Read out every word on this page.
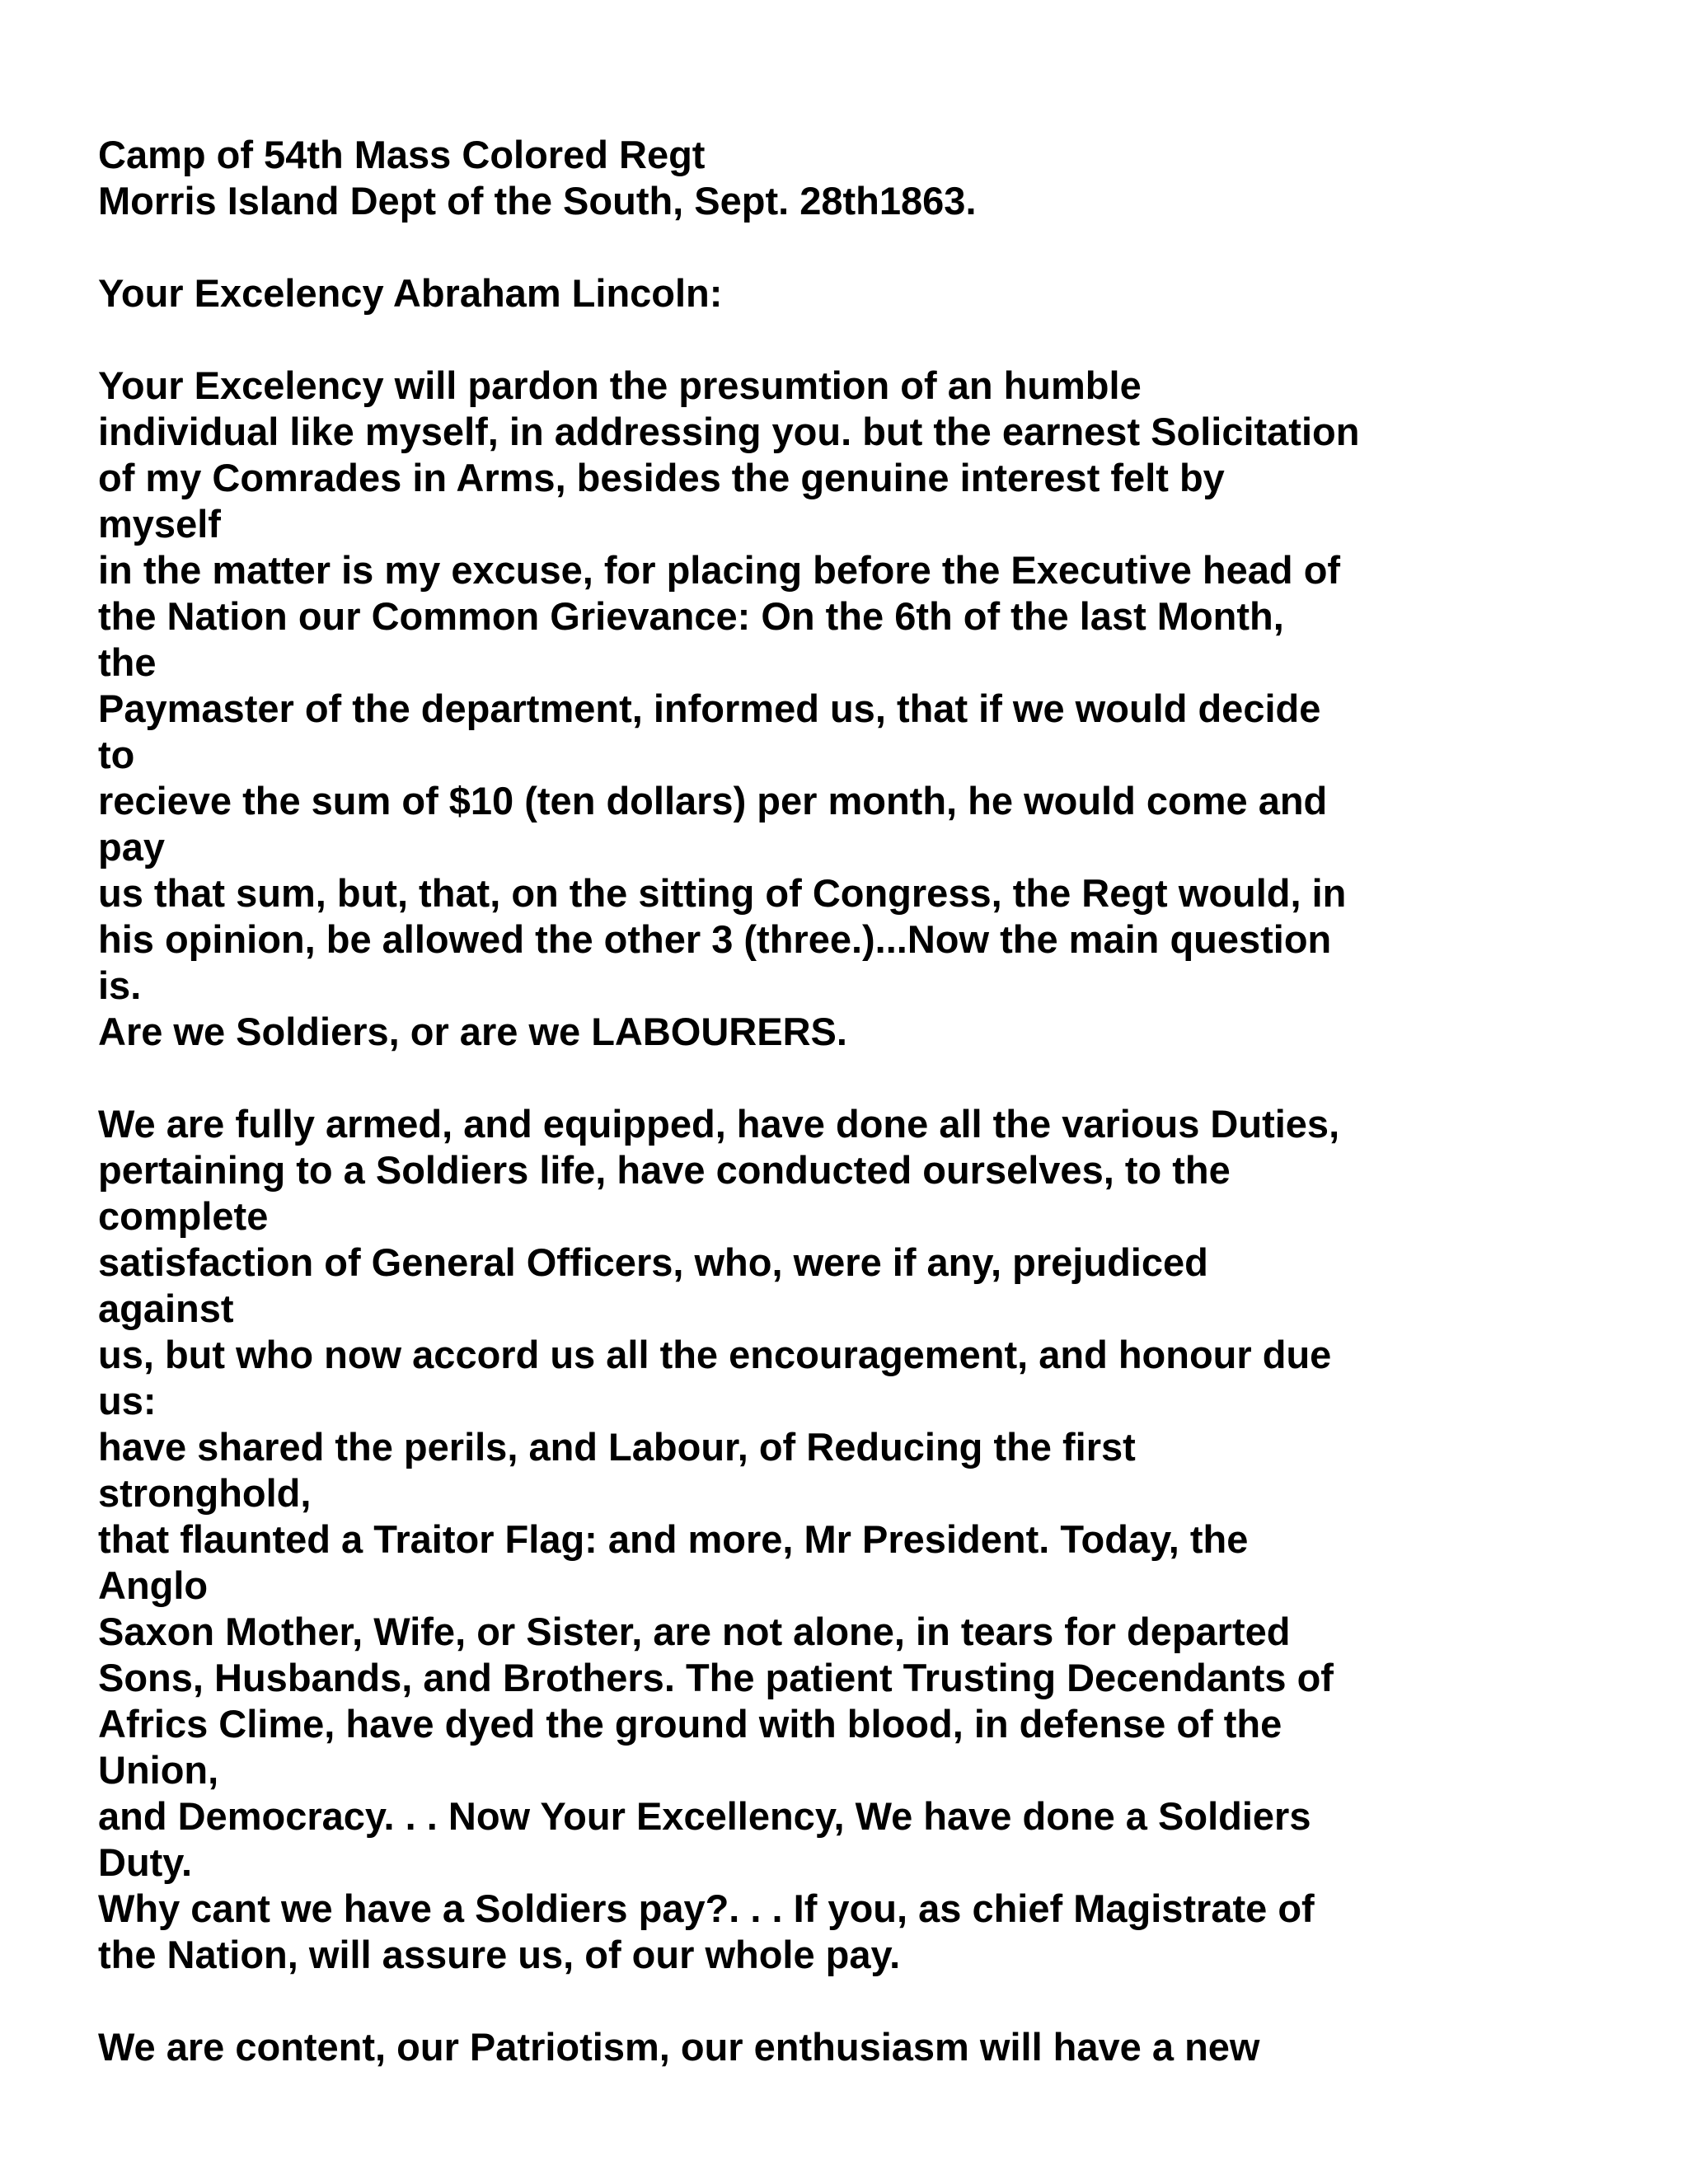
Camp of 54th Mass Colored Regt
Morris Island Dept of the South, Sept. 28th1863.
Your Excelency Abraham Lincoln:
Your Excelency will pardon the presumtion of an humble
individual like myself, in addressing you. but the earnest Solicitation
of my Comrades in Arms, besides the genuine interest felt by
myself
in the matter is my excuse, for placing before the Executive head of
the Nation our Common Grievance: On the 6th of the last Month,
the
Paymaster of the department, informed us, that if we would decide
to
recieve the sum of $10 (ten dollars) per month, he would come and
pay
us that sum, but, that, on the sitting of Congress, the Regt would, in
his opinion, be allowed the other 3 (three.)...Now the main question
is.
Are we Soldiers, or are we LABOURERS.
We are fully armed, and equipped, have done all the various Duties,
pertaining to a Soldiers life, have conducted ourselves, to the
complete
satisfaction of General Officers, who, were if any, prejudiced
against
us, but who now accord us all the encouragement, and honour due
us:
have shared the perils, and Labour, of Reducing the first
stronghold,
that flaunted a Traitor Flag: and more, Mr President. Today, the
Anglo
Saxon Mother, Wife, or Sister, are not alone, in tears for departed
Sons, Husbands, and Brothers. The patient Trusting Decendants of
Africs Clime, have dyed the ground with blood, in defense of the
Union,
and Democracy. . . Now Your Excellency, We have done a Soldiers
Duty.
Why cant we have a Soldiers pay?. . . If you, as chief Magistrate of
the Nation, will assure us, of our whole pay.
We are content, our Patriotism, our enthusiasm will have a new
